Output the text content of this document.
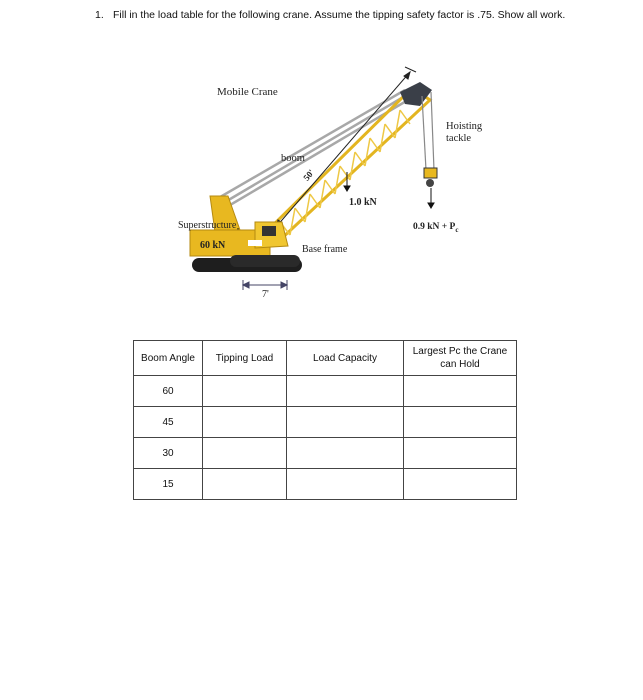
1. Fill in the load table for the following crane. Assume the tipping safety factor is .75. Show all work.
Mobile Crane
boom
50'
1.0 kN
Hoisting
tackle
Superstructure
60 kN	Base frame
0.9 kN + $P_c$
7'
Boom Angle	Tipping Load	Load Capacity	Largest Pc the Crane can Hold
60			
45			
30			
15			
